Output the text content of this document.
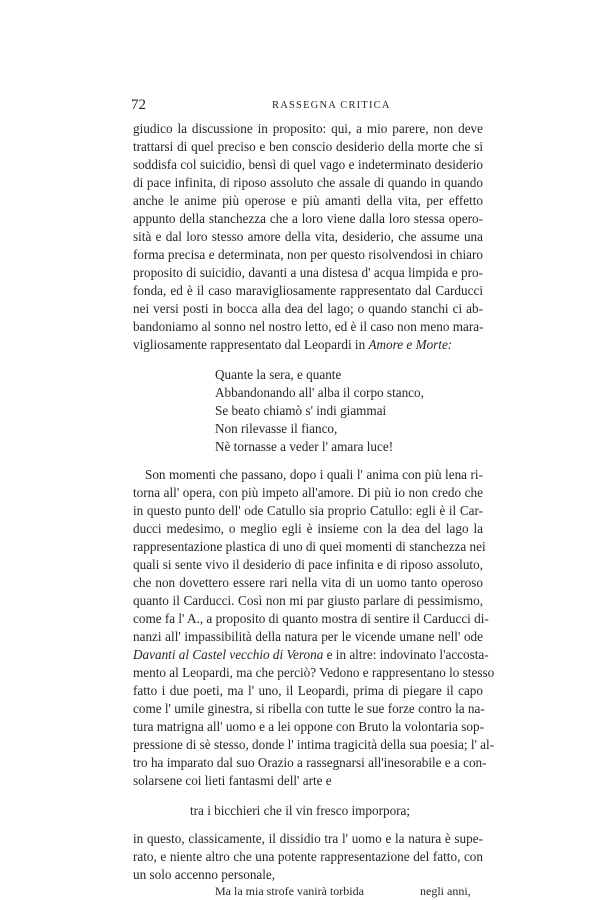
72	RASSEGNA CRITICA
giudico la discussione in proposito: qui, a mio parere, non deve
trattarsi di quel preciso e ben conscio desiderio della morte che si
soddisfa col suicidio, bensì di quel vago e indeterminato desiderio
di pace infinita, di riposo assoluto che assale di quando in quando
anche le anime più operose e più amanti della vita, per effetto
appunto della stanchezza che a loro viene dalla loro stessa opero-
sità e dal loro stesso amore della vita, desiderio, che assume una
forma precisa e determinata, non per questo risolvendosi in chiaro
proposito di suicidio, davanti a una distesa d' acqua limpida e pro-
fonda, ed è il caso maravigliosamente rappresentato dal Carducci
nei versi posti in bocca alla dea del lago; o quando stanchi ci ab-
bandoniamo al sonno nel nostro letto, ed è il caso non meno mara-
vigliosamente rappresentato dal Leopardi in Amore e Morte:
Quante la sera, e quante
Abbandonando all' alba il corpo stanco,
Se beato chiamò s' indi giammai
Non rilevasse il fianco,
Nè tornasse a veder l' amara luce!
Son momenti che passano, dopo i quali l' anima con più lena ri-
torna all' opera, con più impeto all'amore. Di più io non credo che
in questo punto dell' ode Catullo sia proprio Catullo: egli è il Car-
ducci medesimo, o meglio egli è insieme con la dea del lago la
rappresentazione plastica di uno di quei momenti di stanchezza nei
quali si sente vivo il desiderio di pace infinita e di riposo assoluto,
che non dovettero essere rari nella vita di un uomo tanto operoso
quanto il Carducci. Così non mi par giusto parlare di pessimismo,
come fa l' A., a proposito di quanto mostra di sentire il Carducci di-
nanzi all' impassibilità della natura per le vicende umane nell' ode
Davanti al Castel vecchio di Verona e in altre: indovinato l'accosta-
mento al Leopardi, ma che perciò? Vedono e rappresentano lo stesso
fatto i due poeti, ma l' uno, il Leopardi, prima di piegare il capo
come l' umile ginestra, si ribella con tutte le sue forze contro la na-
tura matrigna all' uomo e a lei oppone con Bruto la volontaria sop-
pressione di sè stesso, donde l' intima tragicità della sua poesia; l' al-
tro ha imparato dal suo Orazio a rassegnarsi all'inesorabile e a con-
solarsene coi lieti fantasmi dell' arte e
tra i bicchieri che il vin fresco imporpora;
in questo, classicamente, il dissidio tra l' uomo e la natura è supe-
rato, e niente altro che una potente rappresentazione del fatto, con
un solo accenno personale,
Ma la mia strofe vanirà torbida	negli anni,
